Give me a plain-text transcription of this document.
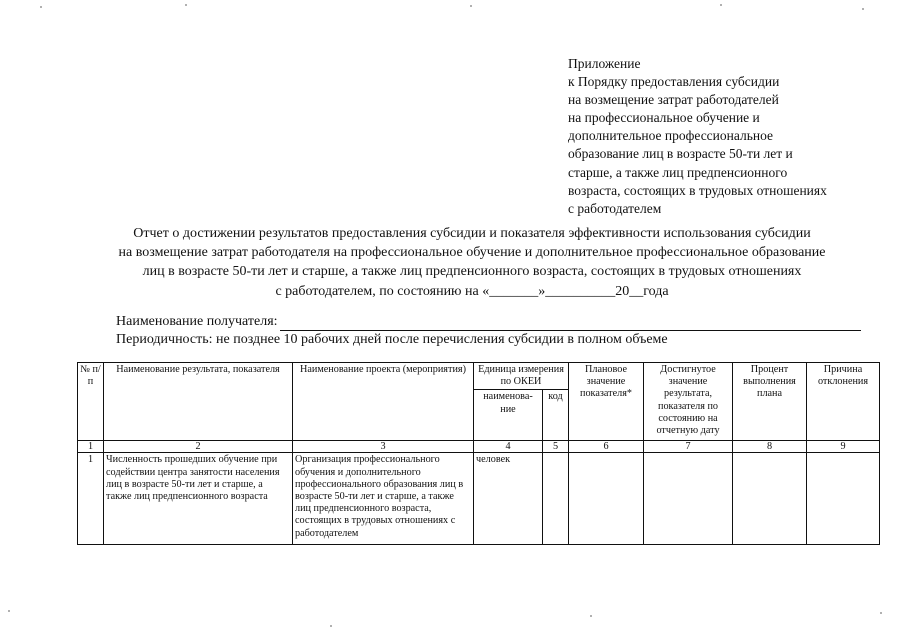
Приложение
к Порядку предоставления субсидии
на возмещение затрат работодателей
на профессиональное обучение и
дополнительное профессиональное
образование лиц в возрасте 50-ти лет и
старше, а также лиц предпенсионного
возраста, состоящих в трудовых отношениях
с работодателем
Отчет о достижении результатов предоставления субсидии и показателя эффективности использования субсидии
на возмещение затрат работодателя на профессиональное обучение и дополнительное профессиональное образование
лиц в возрасте 50-ти лет и старше, а также лиц предпенсионного возраста, состоящих в трудовых отношениях
с работодателем, по состоянию на «_______»__________20__года
Наименование получателя:
Периодичность: не позднее 10 рабочих дней после перечисления субсидии в полном объеме
№ п/п	Наименование результата, показателя	Наименование проекта (мероприятия)	Единица измерения по ОКЕИ		Плановое значение показателя*	Достигнутое значение результата, показателя по состоянию на отчетную дату	Процент выполнения плана	Причина отклонения
			наименова-ние	код				
1	2	3	4	5	6	7	8	9
1	Численность прошедших обучение при содействии центра занятости населения лиц в возрасте 50-ти лет и старше, а также лиц предпенсионного возраста	Организация профессионального обучения и дополнительного профессионального образования лиц в возрасте 50-ти лет и старше, а также лиц предпенсионного возраста, состоящих в трудовых отношениях с работодателем	человек					
